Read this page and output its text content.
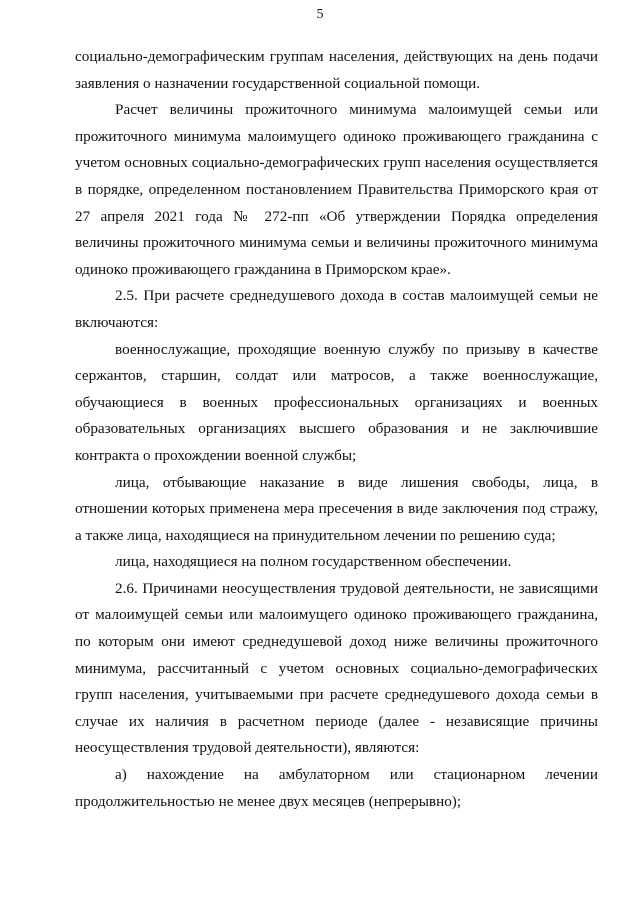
5

социально-демографическим группам населения, действующих на день подачи заявления о назначении государственной социальной помощи.

Расчет величины прожиточного минимума малоимущей семьи или прожиточного минимума малоимущего одиноко проживающего гражданина с учетом основных социально-демографических групп населения осуществляется в порядке, определенном постановлением Правительства Приморского края от 27 апреля 2021 года № 272-пп «Об утверждении Порядка определения величины прожиточного минимума семьи и величины прожиточного минимума одиноко проживающего гражданина в Приморском крае».

2.5. При расчете среднедушевого дохода в состав малоимущей семьи не включаются:

военнослужащие, проходящие военную службу по призыву в качестве сержантов, старшин, солдат или матросов, а также военнослужащие, обучающиеся в военных профессиональных организациях и военных образовательных организациях высшего образования и не заключившие контракта о прохождении военной службы;

лица, отбывающие наказание в виде лишения свободы, лица, в отношении которых применена мера пресечения в виде заключения под стражу, а также лица, находящиеся на принудительном лечении по решению суда;

лица, находящиеся на полном государственном обеспечении.

2.6. Причинами неосуществления трудовой деятельности, не зависящими от малоимущей семьи или малоимущего одиноко проживающего гражданина, по которым они имеют среднедушевой доход ниже величины прожиточного минимума, рассчитанный с учетом основных социально-демографических групп населения, учитываемыми при расчете среднедушевого дохода семьи в случае их наличия в расчетном периоде (далее - независящие причины неосуществления трудовой деятельности), являются:

а) нахождение на амбулаторном или стационарном лечении продолжительностью не менее двух месяцев (непрерывно);
